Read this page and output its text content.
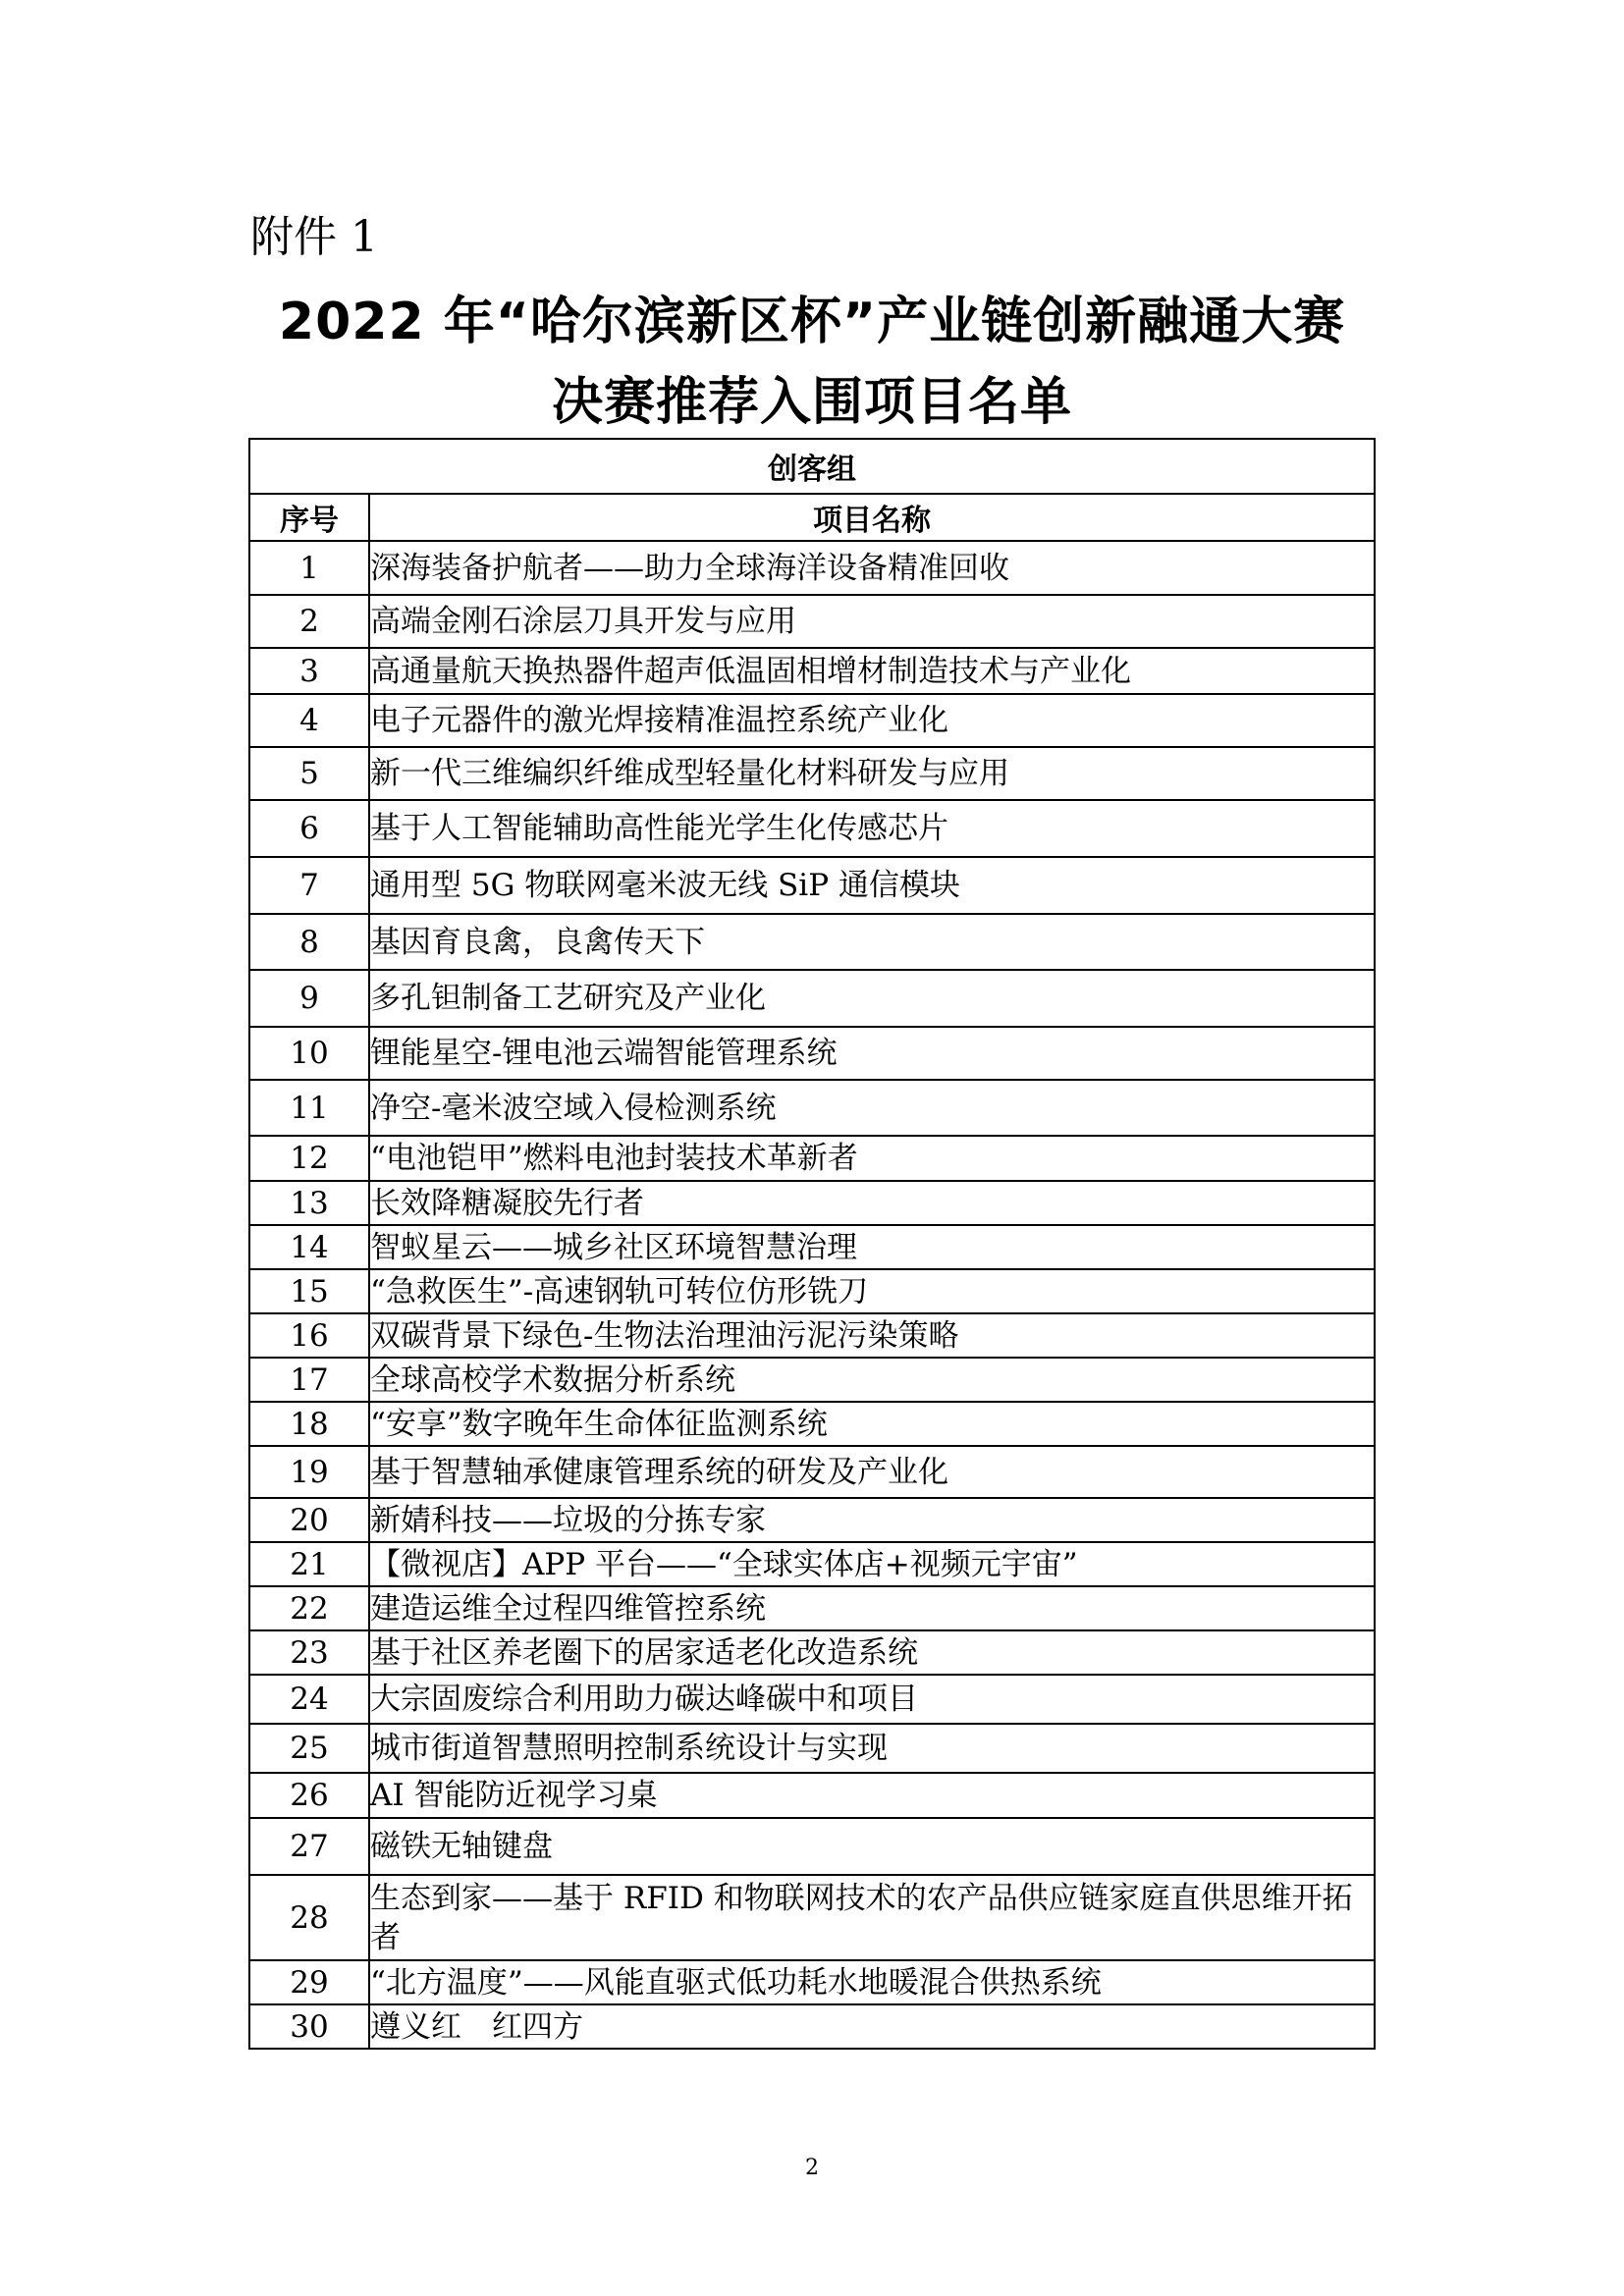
附件 1
2022 年“哈尔滨新区杯”产业链创新融通大赛
决赛推荐入围项目名单
创客组	
序号	项目名称
1	深海装备护航者——助力全球海洋设备精准回收
2	高端金刚石涂层刀具开发与应用
3	高通量航天换热器件超声低温固相增材制造技术与产业化
4	电子元器件的激光焊接精准温控系统产业化
5	新一代三维编织纤维成型轻量化材料研发与应用
6	基于人工智能辅助高性能光学生化传感芯片
7	通用型 5G 物联网毫米波无线 SiP 通信模块
8	基因育良禽，良禽传天下
9	多孔钽制备工艺研究及产业化
10	锂能星空-锂电池云端智能管理系统
11	净空-毫米波空域入侵检测系统
12	“电池铠甲”燃料电池封装技术革新者
13	长效降糖凝胶先行者
14	智蚁星云——城乡社区环境智慧治理
15	“急救医生”-高速钢轨可转位仿形铣刀
16	双碳背景下绿色-生物法治理油污泥污染策略
17	全球高校学术数据分析系统
18	“安享”数字晚年生命体征监测系统
19	基于智慧轴承健康管理系统的研发及产业化
20	新婧科技——垃圾的分拣专家
21	【微视店】APP 平台——“全球实体店+视频元宇宙”
22	建造运维全过程四维管控系统
23	基于社区养老圈下的居家适老化改造系统
24	大宗固废综合利用助力碳达峰碳中和项目
25	城市街道智慧照明控制系统设计与实现
26	AI 智能防近视学习桌
27	磁铁无轴键盘
28	生态到家——基于 RFID 和物联网技术的农产品供应链家庭直供思维开拓者
29	“北方温度”——风能直驱式低功耗水地暖混合供热系统
30	遵义红　红四方
2
